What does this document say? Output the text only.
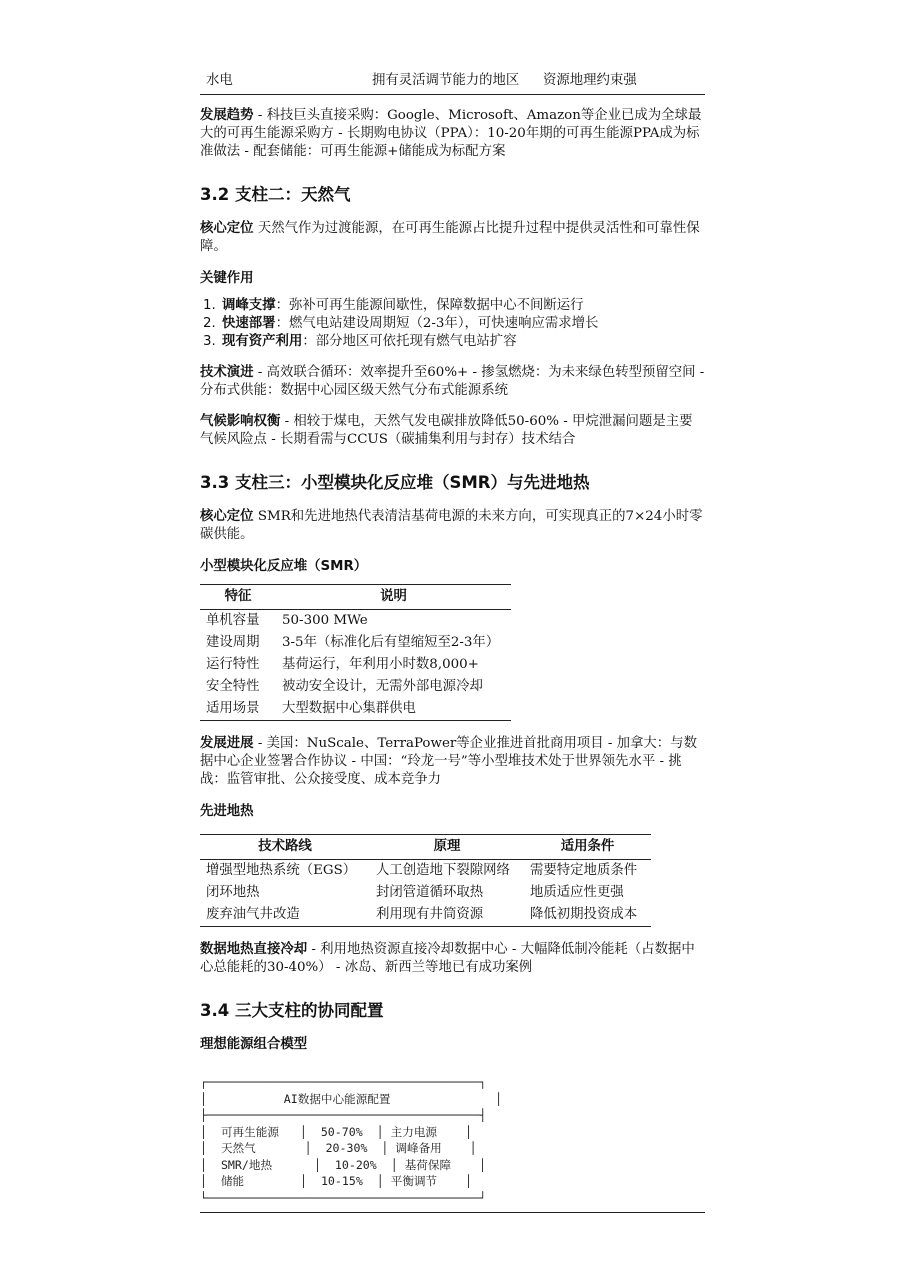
水电	拥有灵活调节能力的地区	资源地理约束强

发展趋势 - 科技巨头直接采购：Google、Microsoft、Amazon等企业已成为全球最大的可再生能源采购方 - 长期购电协议（PPA）：10-20年期的可再生能源PPA成为标准做法 - 配套储能：可再生能源+储能成为标配方案

3.2 支柱二：天然气

核心定位 天然气作为过渡能源，在可再生能源占比提升过程中提供灵活性和可靠性保障。

关键作用
1. 调峰支撑：弥补可再生能源间歇性，保障数据中心不间断运行
2. 快速部署：燃气电站建设周期短（2-3年），可快速响应需求增长
3. 现有资产利用：部分地区可依托现有燃气电站扩容

技术演进 - 高效联合循环：效率提升至60%+ - 掺氢燃烧：为未来绿色转型预留空间 - 分布式供能：数据中心园区级天然气分布式能源系统

气候影响权衡 - 相较于煤电，天然气发电碳排放降低50-60% - 甲烷泄漏问题是主要气候风险点 - 长期看需与CCUS（碳捕集利用与封存）技术结合

3.3 支柱三：小型模块化反应堆（SMR）与先进地热

核心定位 SMR和先进地热代表清洁基荷电源的未来方向，可实现真正的7×24小时零碳供能。

小型模块化反应堆（SMR）
特征	说明
单机容量	50-300 MWe
建设周期	3-5年（标准化后有望缩短至2-3年）
运行特性	基荷运行，年利用小时数8,000+
安全特性	被动安全设计，无需外部电源冷却
适用场景	大型数据中心集群供电

发展进展 - 美国：NuScale、TerraPower等企业推进首批商用项目 - 加拿大：与数据中心企业签署合作协议 - 中国：“玲龙一号”等小型堆技术处于世界领先水平 - 挑战：监管审批、公众接受度、成本竞争力

先进地热
技术路线	原理	适用条件
增强型地热系统（EGS）	人工创造地下裂隙网络	需要特定地质条件
闭环地热	封闭管道循环取热	地质适应性更强
废弃油气井改造	利用现有井筒资源	降低初期投资成本

数据地热直接冷却 - 利用地热资源直接冷却数据中心 - 大幅降低制冷能耗（占数据中心总能耗的30-40%） - 冰岛、新西兰等地已有成功案例

3.4 三大支柱的协同配置
理想能源组合模型
┌───────────────────────────────────────┐
│	AI数据中心能源配置	│
├───────────────────────────────────────┤
│  可再生能源   │  50-70%  │ 主力电源    │
│  天然气       │  20-30%  │ 调峰备用    │
│  SMR/地热      │  10-20%  │ 基荷保障    │
│  储能        │  10-15%  │ 平衡调节    │
└───────────────────────────────────────┘
